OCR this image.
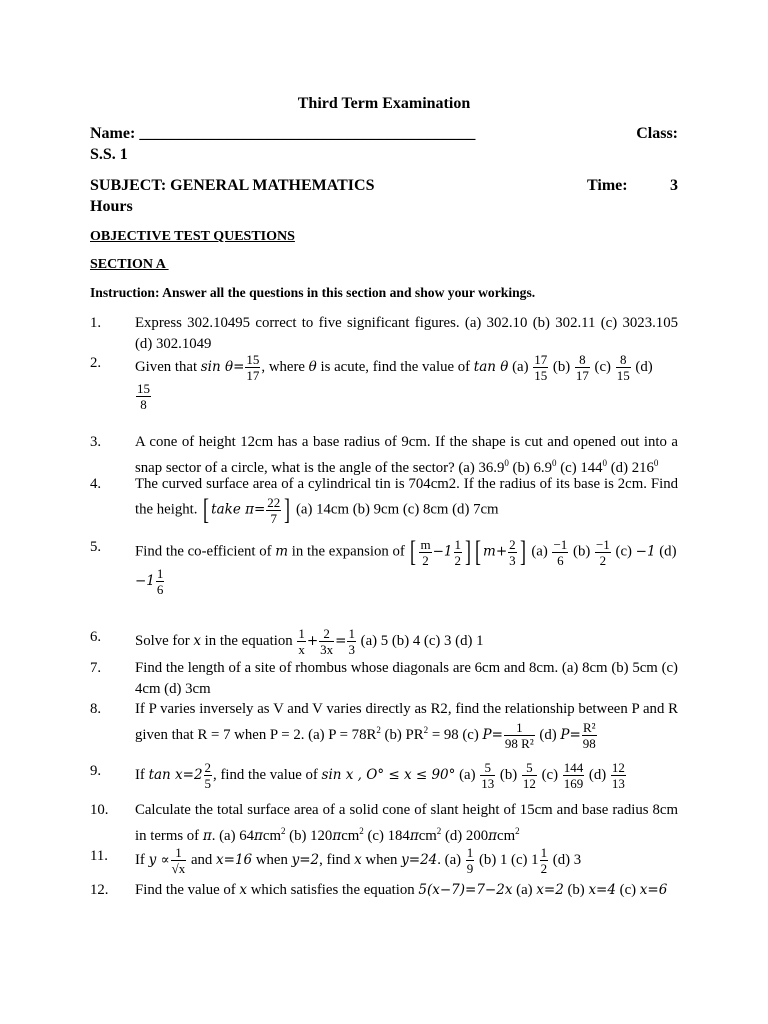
Third Term Examination
Name: __________________________________________	Class:
S.S. 1
SUBJECT: GENERAL MATHEMATICS	Time:	3
Hours
OBJECTIVE TEST QUESTIONS
SECTION A
Instruction: Answer all the questions in this section and show your workings.
1. Express 302.10495 correct to five significant figures. (a) 302.10 (b) 302.11 (c) 3023.105 (d) 302.1049
2. Given that $\sin \theta= \frac{15}{17}$ , where θ is acute, find the value of tan θ $(a) \frac{17}{15} (b) \frac{8}{17} (c) \frac{8}{15} (d)$

$\frac{15}{8}$
3. A cone of height 12cm has a base radius of 9cm. If the shape is cut and opened out into a snap sector of a circle, what is the angle of the sector? (a) 36.9$^0$ (b) $6.9^0$ (c) $144^0$ (d) $216^0$
4. The curved surface area of a cylindrical tin is 704cm2. If the radius of its base is 2cm. Find the height. [ take $\pi= \frac{22}{7}$ ] (a) 14cm (b) 9cm (c) 8cm (d) 7cm
5. Find the co-efficient of m in the expansion of [ $\frac{m}{2} -1 \frac{1}{2}$ ] [ $m+ \frac{2}{3}$ ] $(a) \frac{-1}{6} (b) \frac{-1}{2} (c) -1$ (d)
$-1 \frac{1}{6}$
6. Solve for x in the equation $\frac{1}{x} + \frac{2}{3x} = \frac{1}{3} (a)$ 5 (b) 4 (c) 3 (d) 1
7. Find the length of a site of rhombus whose diagonals are 6cm and 8cm. (a) 8cm (b) 5cm (c) 4cm (d) 3cm
8. If P varies inversely as V and V varies directly as R2, find the relationship between P and R given that R = 7 when P = 2. (a) $P = 78R^2$ (b) $PR^2 = 98$ (c) $P= \frac{1}{\text{98 R²}} (d)$ $P= \frac{\text{R²}}{98}$
9. If $\tan x=2 \frac{2}{5}$ , find the value of sin x , O° ≤ x ≤ 90° $(a) \frac{5}{13} (b) \frac{5}{12} (c) \frac{144}{169} (d) \frac{12}{13}$
10. Calculate the total surface area of a solid cone of slant height of 15cm and base radius 8cm in terms of π. (a) 64πcm$^2$ (b) 120πcm$^2$ (c) 184πcm$^2$ (d) 200πcm$^2$
11. If $y \propto \frac{1}{√x}$ and x=16 when y=2, find x when y=24. $(a) \frac{1}{9} (b)$ 1 (c) $1 \frac{1}{2} (d)$ 3
12. Find the value of x which satisfies the equation 5(x−7)=7−2x (a) x=2 (b) x=4 (c) x=6
